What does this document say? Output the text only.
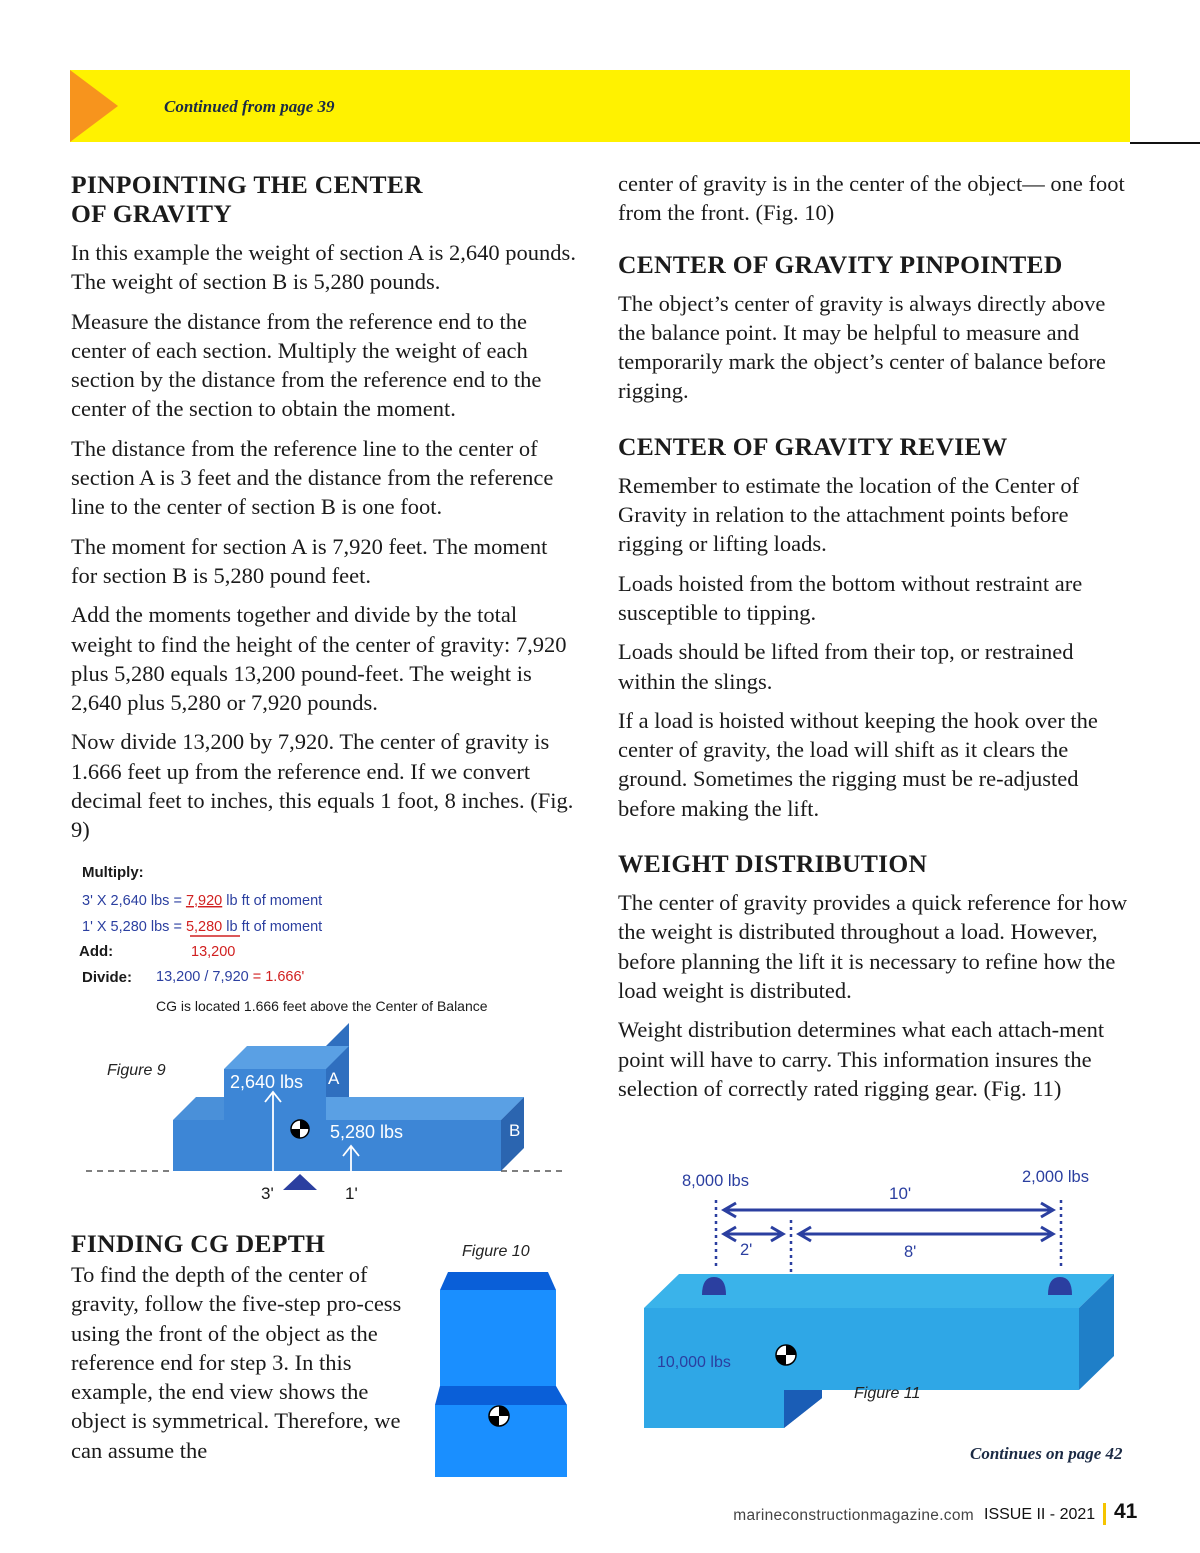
Continued from page 39
PINPOINTING THE CENTER
OF GRAVITY

In this example the weight of section A is 2,640 pounds. The weight of section B is 5,280 pounds.

Measure the distance from the reference end to the center of each section. Multiply the weight of each section by the distance from the reference end to the center of the section to obtain the moment.

The distance from the reference line to the center of section A is 3 feet and the distance from the reference line to the center of section B is one foot.

The moment for section A is 7,920 feet. The moment for section B is 5,280 pound feet.

Add the moments together and divide by the total weight to find the height of the center of gravity: 7,920 plus 5,280 equals 13,200 pound-feet. The weight is 2,640 plus 5,280 or 7,920 pounds.

Now divide 13,200 by 7,920. The center of gravity is 1.666 feet up from the reference end. If we convert decimal feet to inches, this equals 1 foot, 8 inches. (Fig. 9)

Multiply:
3' X 2,640 lbs = 7,920 lb ft of moment
1' X 5,280 lbs = 5,280 lb ft of moment
Add:	13,200
Divide: 13,200 / 7,920 = 1.666'
CG is located 1.666 feet above the Center of Balance
Figure 9
2,640 lbs A
5,280 lbs	B
3'	1'
FINDING CG DEPTH

To find the depth of the center of gravity, follow the five-step pro-cess using the front of the object as the reference end for step 3. In this example, the end view shows the object is symmetrical. Therefore, we can assume the

Figure 10

center of gravity is in the center of the object— one foot from the front. (Fig. 10)

CENTER OF GRAVITY PINPOINTED

The object’s center of gravity is always directly above the balance point. It may be helpful to measure and temporarily mark the object’s center of balance before rigging.

CENTER OF GRAVITY REVIEW

Remember to estimate the location of the Center of Gravity in relation to the attachment points before rigging or lifting loads.

Loads hoisted from the bottom without restraint are susceptible to tipping.

Loads should be lifted from their top, or restrained within the slings.

If a load is hoisted without keeping the hook over the center of gravity, the load will shift as it clears the ground. Sometimes the rigging must be re-adjusted before making the lift.

WEIGHT DISTRIBUTION

The center of gravity provides a quick reference for how the weight is distributed throughout a load. However, before planning the lift it is necessary to refine how the load weight is distributed.

Weight distribution determines what each attach-ment point will have to carry. This information insures the selection of correctly rated rigging gear. (Fig. 11)

8,000 lbs	2,000 lbs
10'
2'	8'
10,000 lbs
Figure 11
Continues on page 42
marineconstructionmagazine.com ISSUE II - 2021 41
